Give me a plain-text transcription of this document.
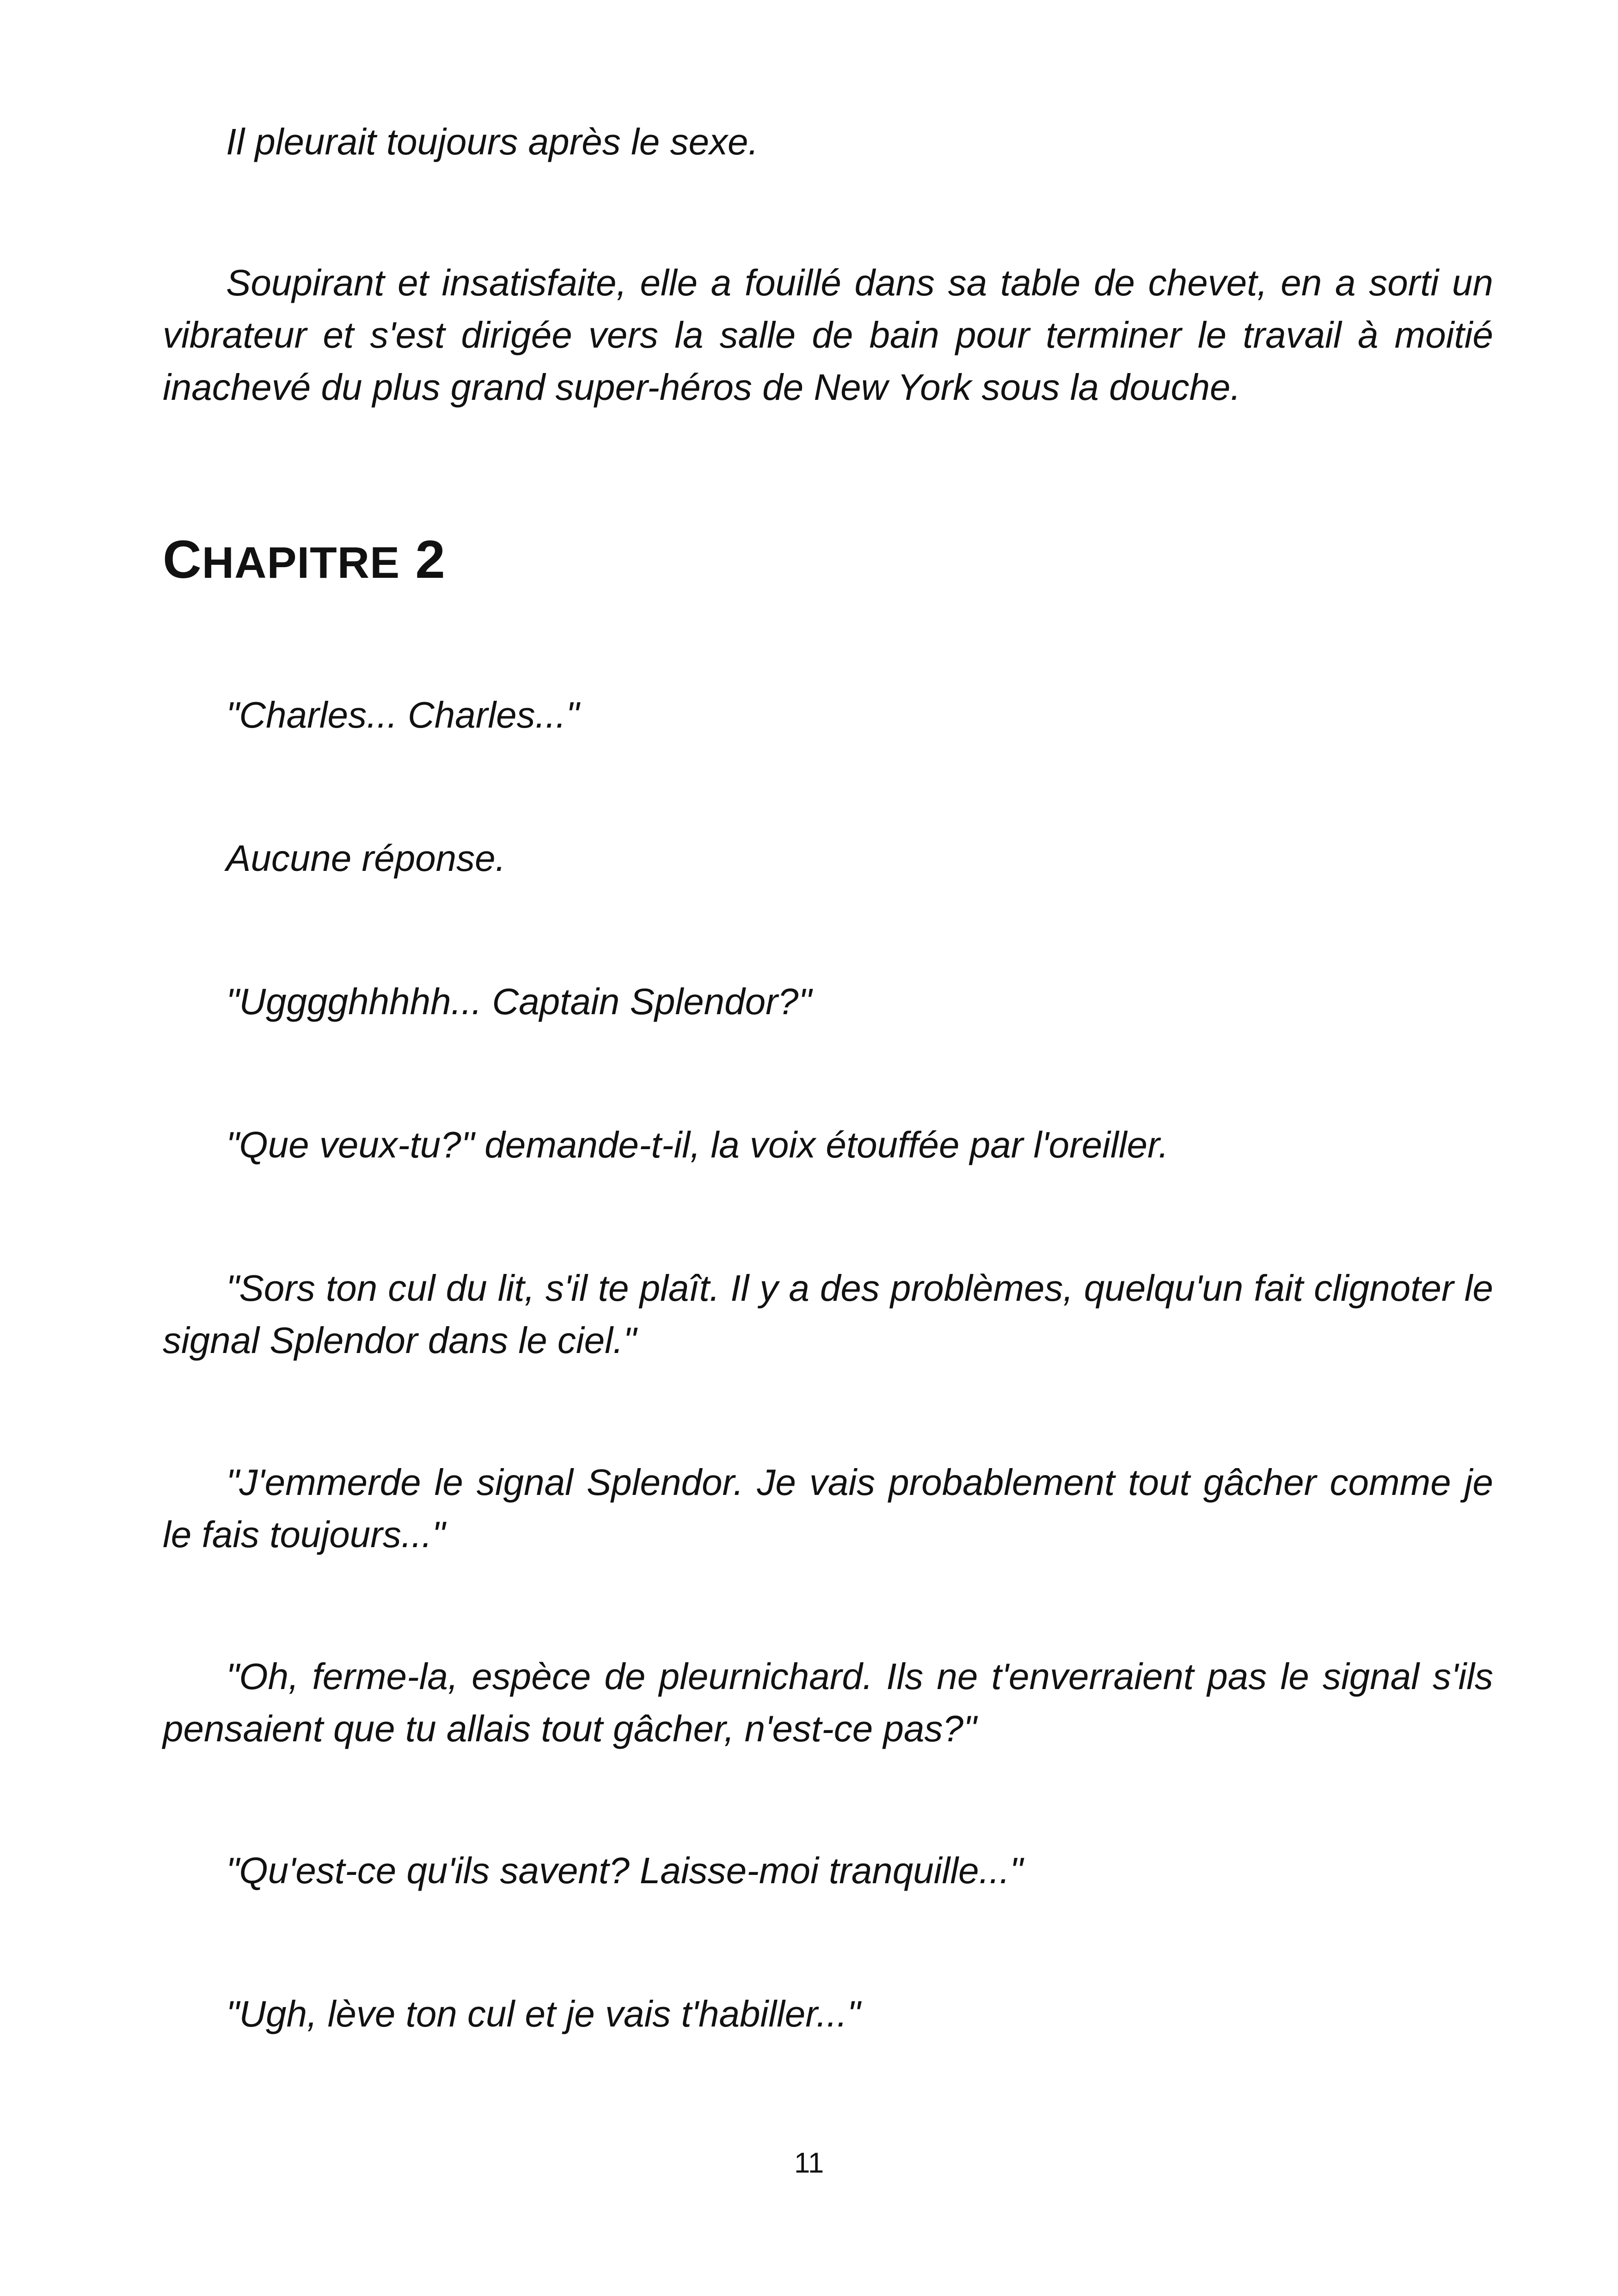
Il pleurait toujours après le sexe.

Soupirant et insatisfaite, elle a fouillé dans sa table de chevet, en a sorti un vibrateur et s'est dirigée vers la salle de bain pour terminer le travail à moitié inachevé du plus grand super-héros de New York sous la douche.

CHAPITRE 2

"Charles... Charles..."

Aucune réponse.

"Ugggghhhhh... Captain Splendor?"

"Que veux-tu?" demande-t-il, la voix étouffée par l'oreiller.

"Sors ton cul du lit, s'il te plaît. Il y a des problèmes, quelqu'un fait clignoter le signal Splendor dans le ciel."

"J'emmerde le signal Splendor. Je vais probablement tout gâcher comme je le fais toujours..."

"Oh, ferme-la, espèce de pleurnichard. Ils ne t'enverraient pas le signal s'ils pensaient que tu allais tout gâcher, n'est-ce pas?"

"Qu'est-ce qu'ils savent? Laisse-moi tranquille..."

"Ugh, lève ton cul et je vais t'habiller..."

11
